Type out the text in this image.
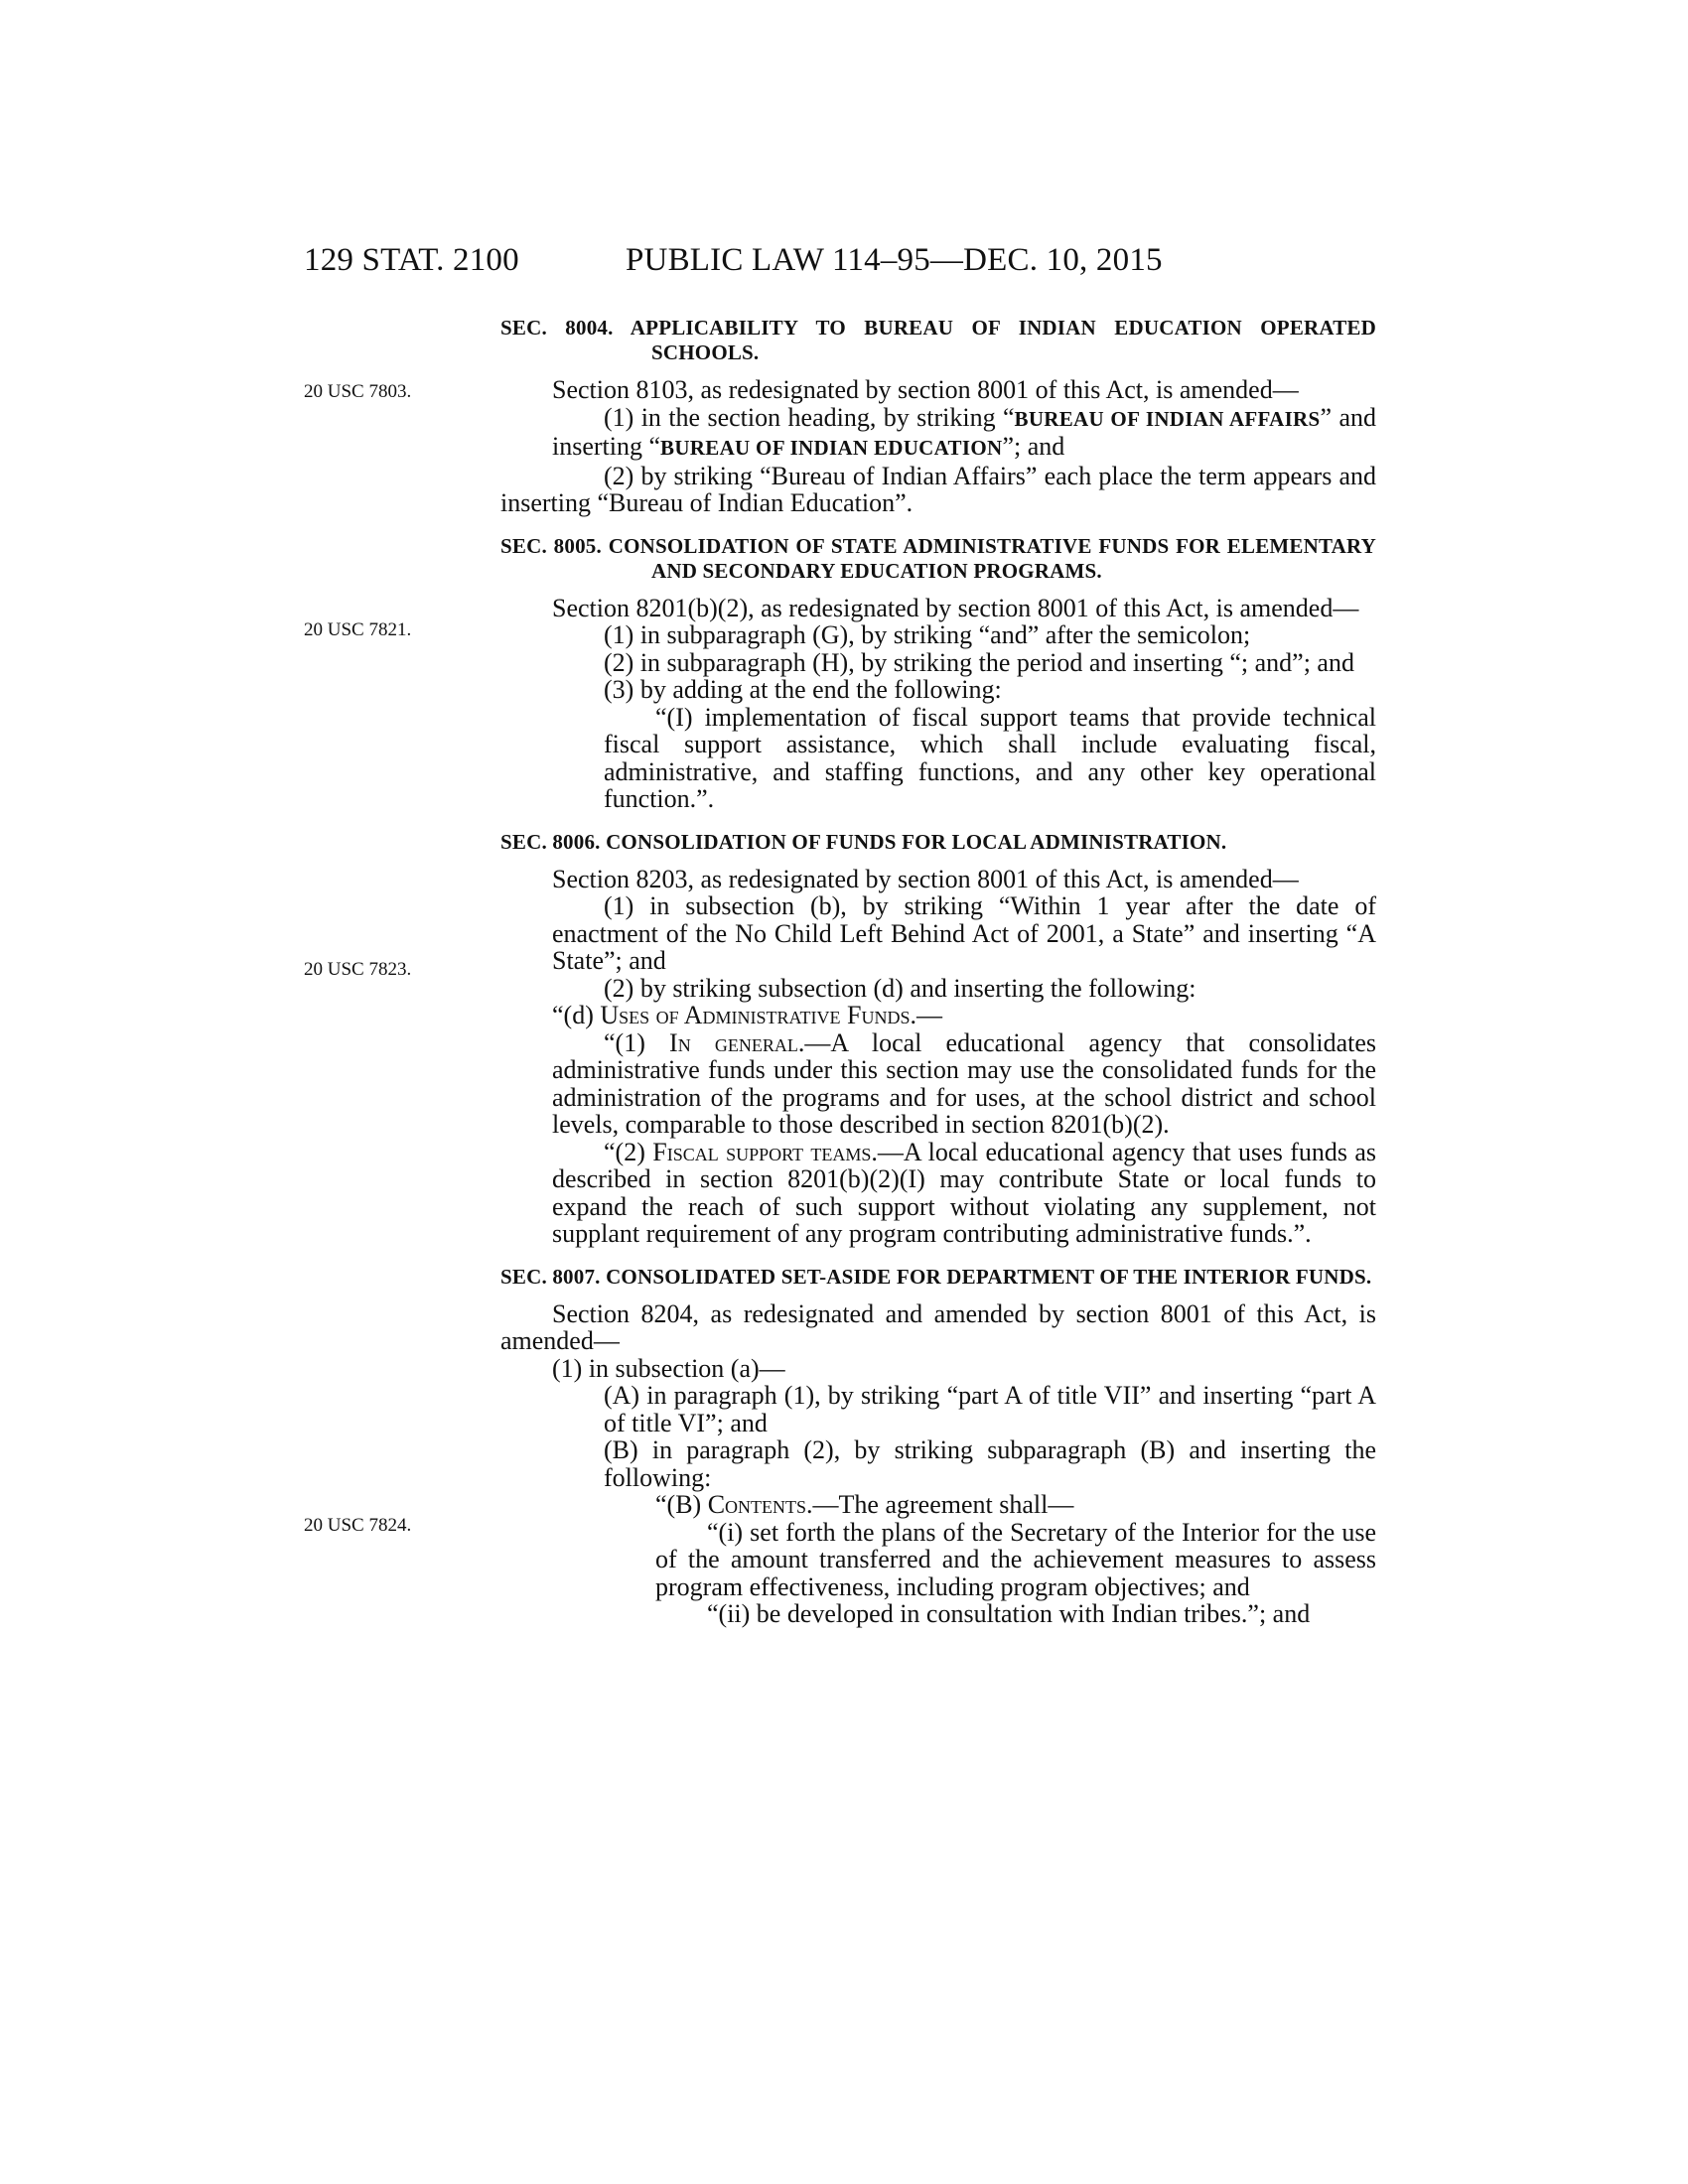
129 STAT. 2100	PUBLIC LAW 114–95—DEC. 10, 2015
20 USC 7803.
20 USC 7821.
20 USC 7823.
20 USC 7824.

SEC. 8004. APPLICABILITY TO BUREAU OF INDIAN EDUCATION OPERATED SCHOOLS.

Section 8103, as redesignated by section 8001 of this Act, is amended—

(1) in the section heading, by striking “BUREAU OF INDIAN AFFAIRS” and inserting “BUREAU OF INDIAN EDUCATION”; and

(2) by striking “Bureau of Indian Affairs” each place the term appears and inserting “Bureau of Indian Education”.

SEC. 8005. CONSOLIDATION OF STATE ADMINISTRATIVE FUNDS FOR ELEMENTARY AND SECONDARY EDUCATION PROGRAMS.

Section 8201(b)(2), as redesignated by section 8001 of this Act, is amended—

(1) in subparagraph (G), by striking “and” after the semicolon;

(2) in subparagraph (H), by striking the period and inserting “; and”; and

(3) by adding at the end the following:

“(I) implementation of fiscal support teams that provide technical fiscal support assistance, which shall include evaluating fiscal, administrative, and staffing functions, and any other key operational function.”.

SEC. 8006. CONSOLIDATION OF FUNDS FOR LOCAL ADMINISTRATION.

Section 8203, as redesignated by section 8001 of this Act, is amended—

(1) in subsection (b), by striking “Within 1 year after the date of enactment of the No Child Left Behind Act of 2001, a State” and inserting “A State”; and

(2) by striking subsection (d) and inserting the following:

“(d) Uses of Administrative Funds.—

“(1) In general.—A local educational agency that consolidates administrative funds under this section may use the consolidated funds for the administration of the programs and for uses, at the school district and school levels, comparable to those described in section 8201(b)(2).

“(2) Fiscal support teams.—A local educational agency that uses funds as described in section 8201(b)(2)(I) may contribute State or local funds to expand the reach of such support without violating any supplement, not supplant requirement of any program contributing administrative funds.”.

SEC. 8007. CONSOLIDATED SET-ASIDE FOR DEPARTMENT OF THE INTERIOR FUNDS.

Section 8204, as redesignated and amended by section 8001 of this Act, is amended—

(1) in subsection (a)—

(A) in paragraph (1), by striking “part A of title VII” and inserting “part A of title VI”; and

(B) in paragraph (2), by striking subparagraph (B) and inserting the following:

“(B) Contents.—The agreement shall—

“(i) set forth the plans of the Secretary of the Interior for the use of the amount transferred and the achievement measures to assess program effectiveness, including program objectives; and

“(ii) be developed in consultation with Indian tribes.”; and
